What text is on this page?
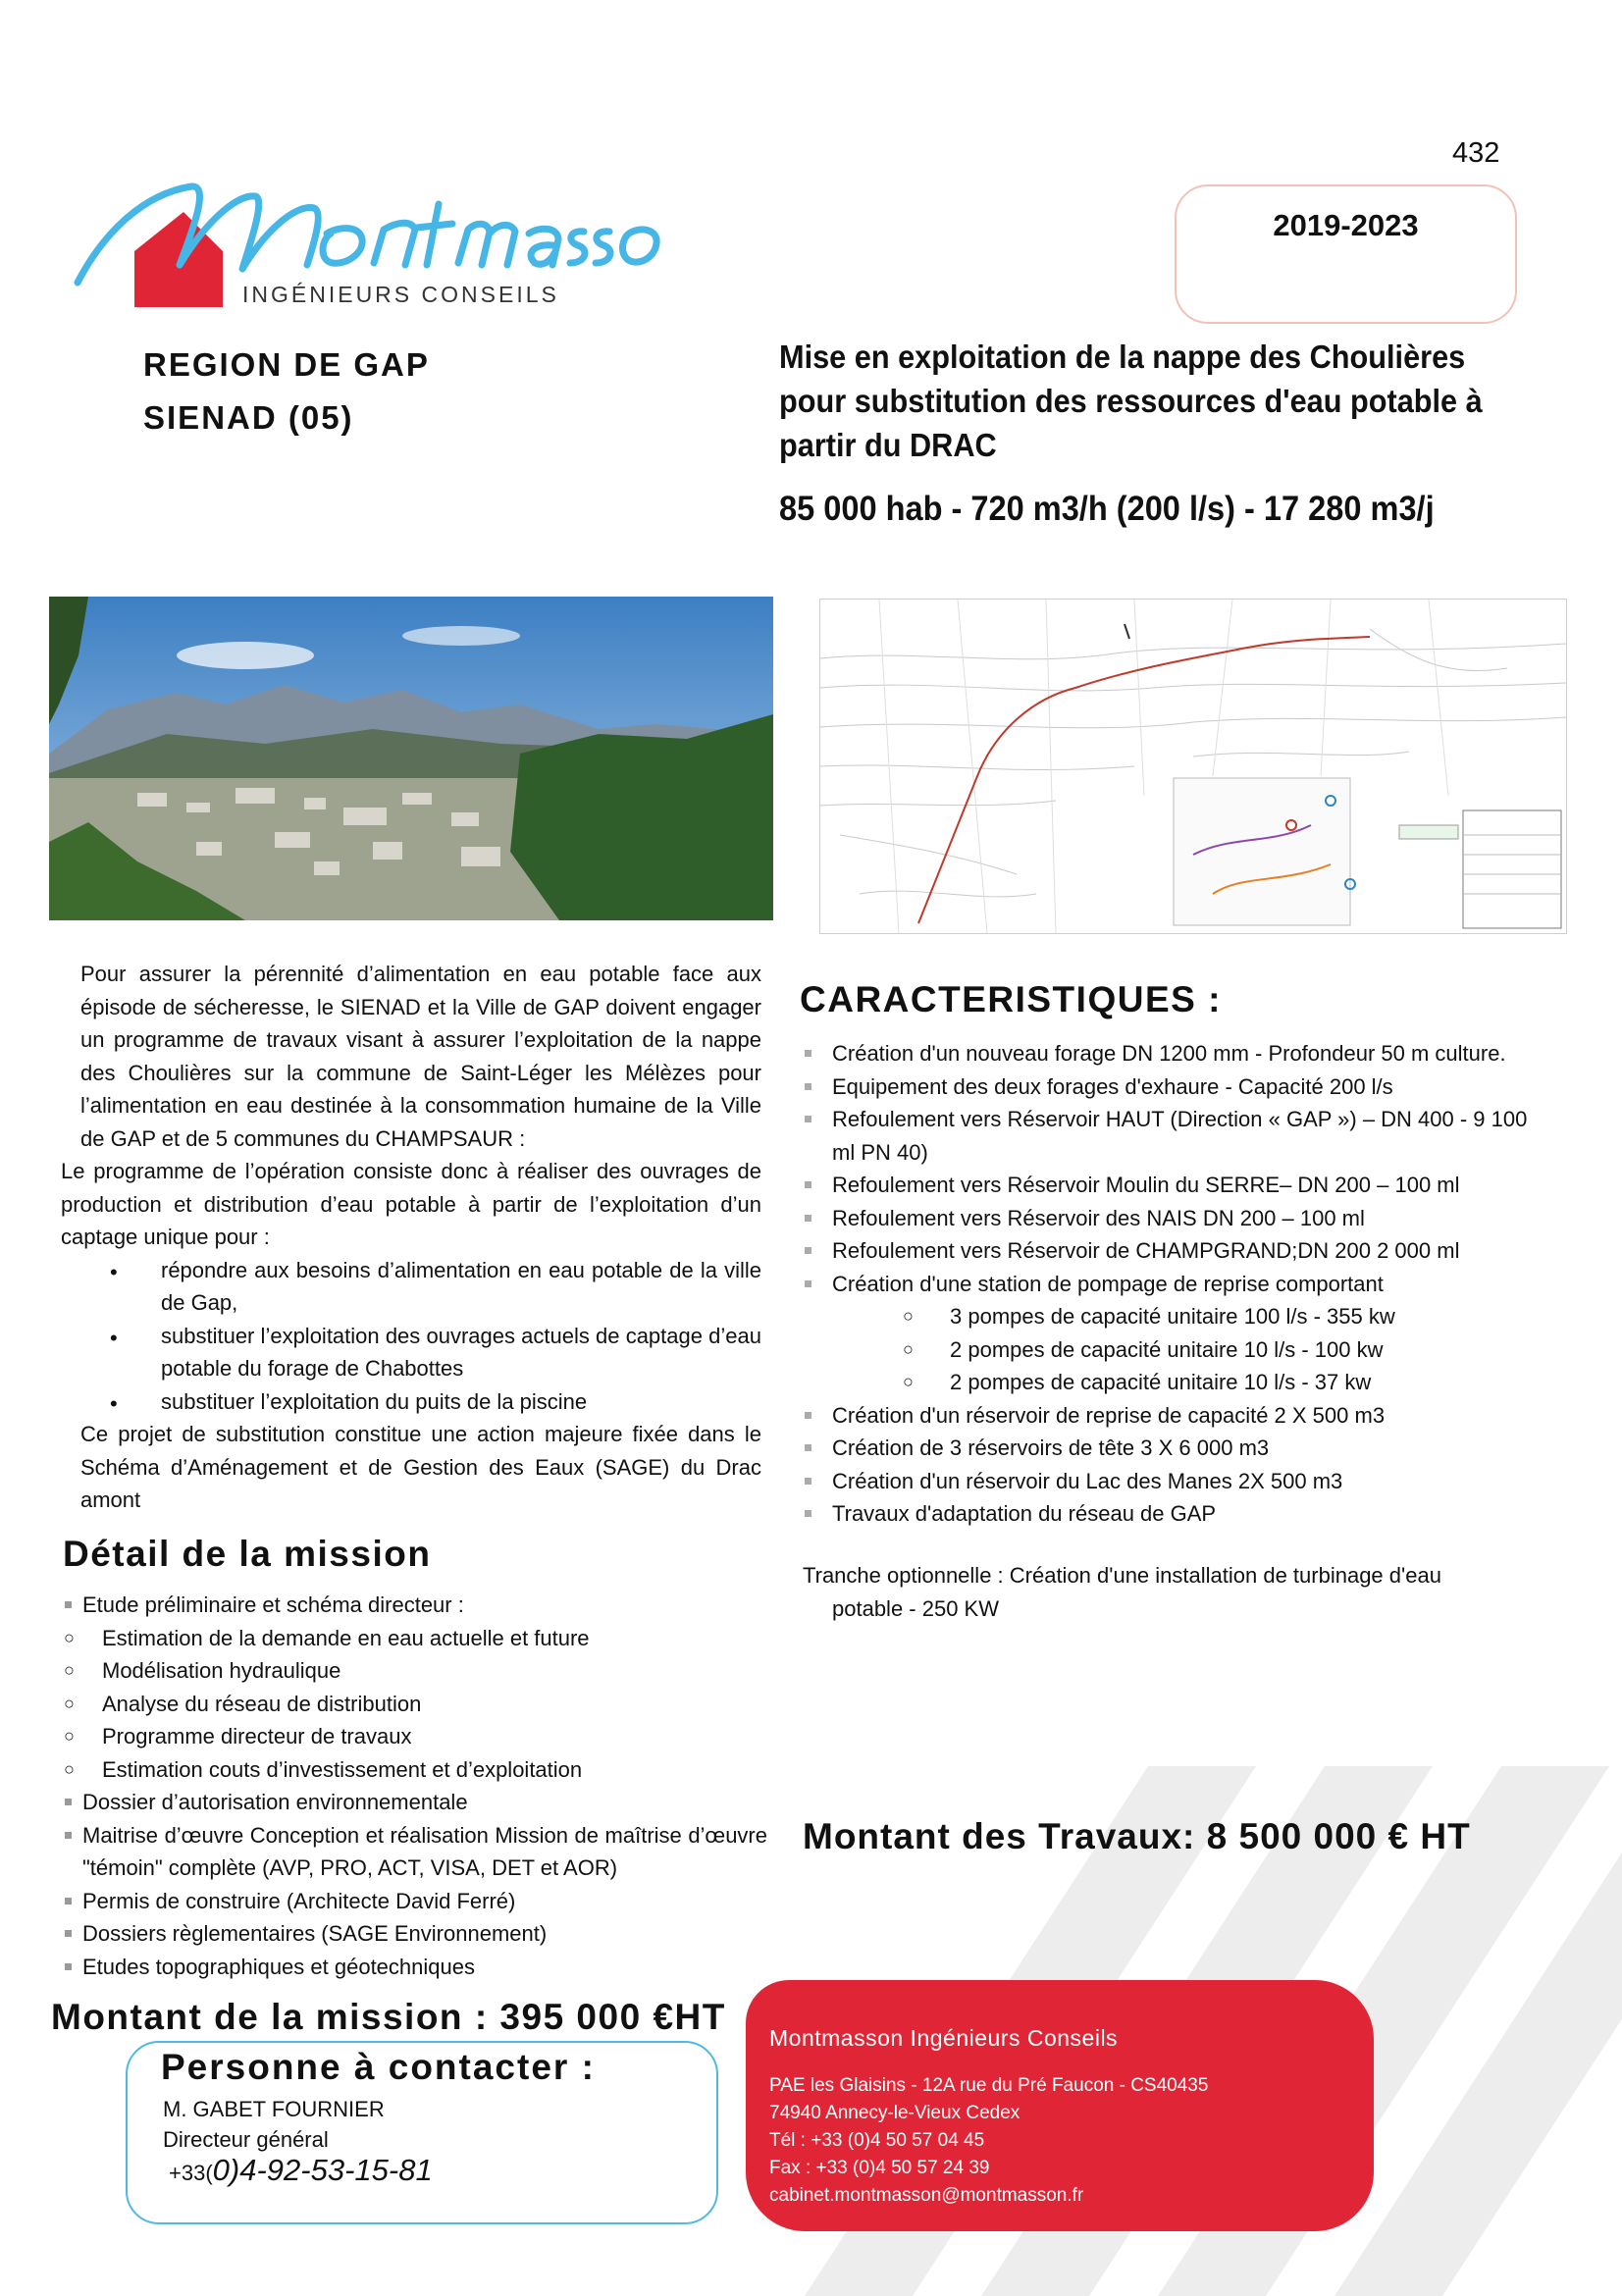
432
INGÉNIEURS CONSEILS
2019-2023
REGION DE GAP
SIENAD (05)
Mise en exploitation de la nappe des Choulières pour substitution des ressources d'eau potable à partir du DRAC
85 000 hab - 720 m3/h (200 l/s) - 17 280 m3/j

Pour assurer la pérennité d’alimentation en eau potable face aux épisode de sécheresse, le SIENAD et la Ville de GAP doivent engager un programme de travaux visant à assurer l’exploitation de la nappe des Choulières sur la commune de Saint-Léger les Mélèzes pour l’alimentation en eau destinée à la consommation humaine de la Ville de GAP et de 5 communes du CHAMPSAUR :

Le programme de l’opération consiste donc à réaliser des ouvrages de production et distribution d’eau potable à partir de l’exploitation d’un captage unique pour :

• répondre aux besoins d’alimentation en eau potable de la ville de Gap,
• substituer l’exploitation des ouvrages actuels de captage d’eau potable du forage de Chabottes
• substituer l’exploitation du puits de la piscine

Ce projet de substitution constitue une action majeure fixée dans le Schéma d’Aménagement et de Gestion des Eaux (SAGE) du Drac amont

Détail de la mission
Etude préliminaire et schéma directeur :
○ Estimation de la demande en eau actuelle et future
○ Modélisation hydraulique
○ Analyse du réseau de distribution
○ Programme directeur de travaux
○ Estimation couts d’investissement et d’exploitation
Dossier d’autorisation environnementale
Maitrise d’œuvre Conception et réalisation Mission de maîtrise d’œuvre "témoin" complète (AVP, PRO, ACT, VISA, DET et AOR)
Permis de construire (Architecte David Ferré)
Dossiers règlementaires (SAGE Environnement)
Etudes topographiques et géotechniques
CARACTERISTIQUES :
Création d'un nouveau forage DN 1200 mm - Profondeur 50 m culture.
Equipement des deux forages d'exhaure - Capacité 200 l/s
Refoulement vers Réservoir HAUT (Direction « GAP ») – DN 400 - 9 100 ml PN 40)
Refoulement vers Réservoir Moulin du SERRE– DN 200 – 100 ml
Refoulement vers Réservoir des NAIS DN 200 – 100 ml
Refoulement vers Réservoir de CHAMPGRAND;DN 200 2 000 ml
Création d'une station de pompage de reprise comportant
○ 3 pompes de capacité unitaire 100 l/s - 355 kw
○ 2 pompes de capacité unitaire 10 l/s - 100 kw
○ 2 pompes de capacité unitaire 10 l/s - 37 kw
Création d'un réservoir de reprise de capacité 2 X 500 m3
Création de 3 réservoirs de tête 3 X 6 000 m3
Création d'un réservoir du Lac des Manes 2X 500 m3
Travaux d'adaptation du réseau de GAP
Tranche optionnelle : Création d'une installation de turbinage d'eau
potable - 250 KW
Montant des Travaux: 8 500 000 € HT
Montant de la mission : 395 000 €HT
Personne à contacter :
M. GABET FOURNIER
Directeur général
+33(0)4-92-53-15-81
Montmasson Ingénieurs Conseils
PAE les Glaisins - 12A rue du Pré Faucon - CS40435
74940 Annecy-le-Vieux Cedex
Tél : +33 (0)4 50 57 04 45
Fax : +33 (0)4 50 57 24 39
cabinet.montmasson@montmasson.fr
